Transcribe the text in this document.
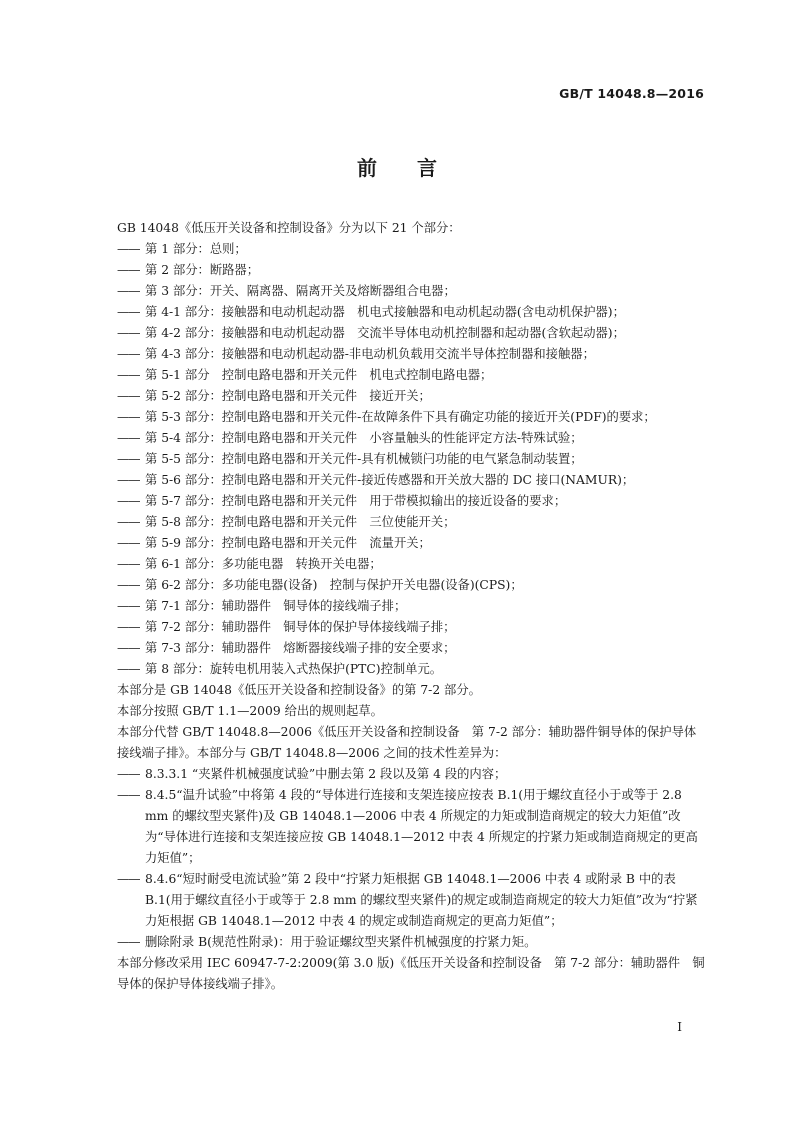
GB/T 14048.8—2016
前 言

GB 14048《低压开关设备和控制设备》分为以下 21 个部分：

—— 第 1 部分：总则；

—— 第 2 部分：断路器；

—— 第 3 部分：开关、隔离器、隔离开关及熔断器组合电器；

—— 第 4-1 部分：接触器和电动机起动器　机电式接触器和电动机起动器(含电动机保护器)；

—— 第 4-2 部分：接触器和电动机起动器　交流半导体电动机控制器和起动器(含软起动器)；

—— 第 4-3 部分：接触器和电动机起动器-非电动机负载用交流半导体控制器和接触器；

—— 第 5-1 部分　控制电路电器和开关元件　机电式控制电路电器；

—— 第 5-2 部分：控制电路电器和开关元件　接近开关；

—— 第 5-3 部分：控制电路电器和开关元件-在故障条件下具有确定功能的接近开关(PDF)的要求；

—— 第 5-4 部分：控制电路电器和开关元件　小容量触头的性能评定方法-特殊试验；

—— 第 5-5 部分：控制电路电器和开关元件-具有机械锁闩功能的电气紧急制动装置；

—— 第 5-6 部分：控制电路电器和开关元件-接近传感器和开关放大器的 DC 接口(NAMUR)；

—— 第 5-7 部分：控制电路电器和开关元件　用于带模拟输出的接近设备的要求；

—— 第 5-8 部分：控制电路电器和开关元件　三位使能开关；

—— 第 5-9 部分：控制电路电器和开关元件　流量开关；

—— 第 6-1 部分：多功能电器　转换开关电器；

—— 第 6-2 部分：多功能电器(设备)　控制与保护开关电器(设备)(CPS)；

—— 第 7-1 部分：辅助器件　铜导体的接线端子排；

—— 第 7-2 部分：辅助器件　铜导体的保护导体接线端子排；

—— 第 7-3 部分：辅助器件　熔断器接线端子排的安全要求；

—— 第 8 部分：旋转电机用装入式热保护(PTC)控制单元。

本部分是 GB 14048《低压开关设备和控制设备》的第 7-2 部分。

本部分按照 GB/T 1.1—2009 给出的规则起草。

本部分代替 GB/T 14048.8—2006《低压开关设备和控制设备　第 7-2 部分：辅助器件铜导体的保护导体接线端子排》。本部分与 GB/T 14048.8—2006 之间的技术性差异为：

—— 8.3.3.1 “夹紧件机械强度试验”中删去第 2 段以及第 4 段的内容；

—— 8.4.5“温升试验”中将第 4 段的“导体进行连接和支架连接应按表 B.1(用于螺纹直径小于或等于 2.8 mm 的螺纹型夹紧件)及 GB 14048.1—2006 中表 4 所规定的力矩或制造商规定的较大力矩值”改为“导体进行连接和支架连接应按 GB 14048.1—2012 中表 4 所规定的拧紧力矩或制造商规定的更高力矩值”；

—— 8.4.6“短时耐受电流试验”第 2 段中“拧紧力矩根据 GB 14048.1—2006 中表 4 或附录 B 中的表 B.1(用于螺纹直径小于或等于 2.8 mm 的螺纹型夹紧件)的规定或制造商规定的较大力矩值”改为“拧紧力矩根据 GB 14048.1—2012 中表 4 的规定或制造商规定的更高力矩值”；

—— 删除附录 B(规范性附录)：用于验证螺纹型夹紧件机械强度的拧紧力矩。

本部分修改采用 IEC 60947-7-2:2009(第 3.0 版)《低压开关设备和控制设备　第 7-2 部分：辅助器件　铜导体的保护导体接线端子排》。

I
